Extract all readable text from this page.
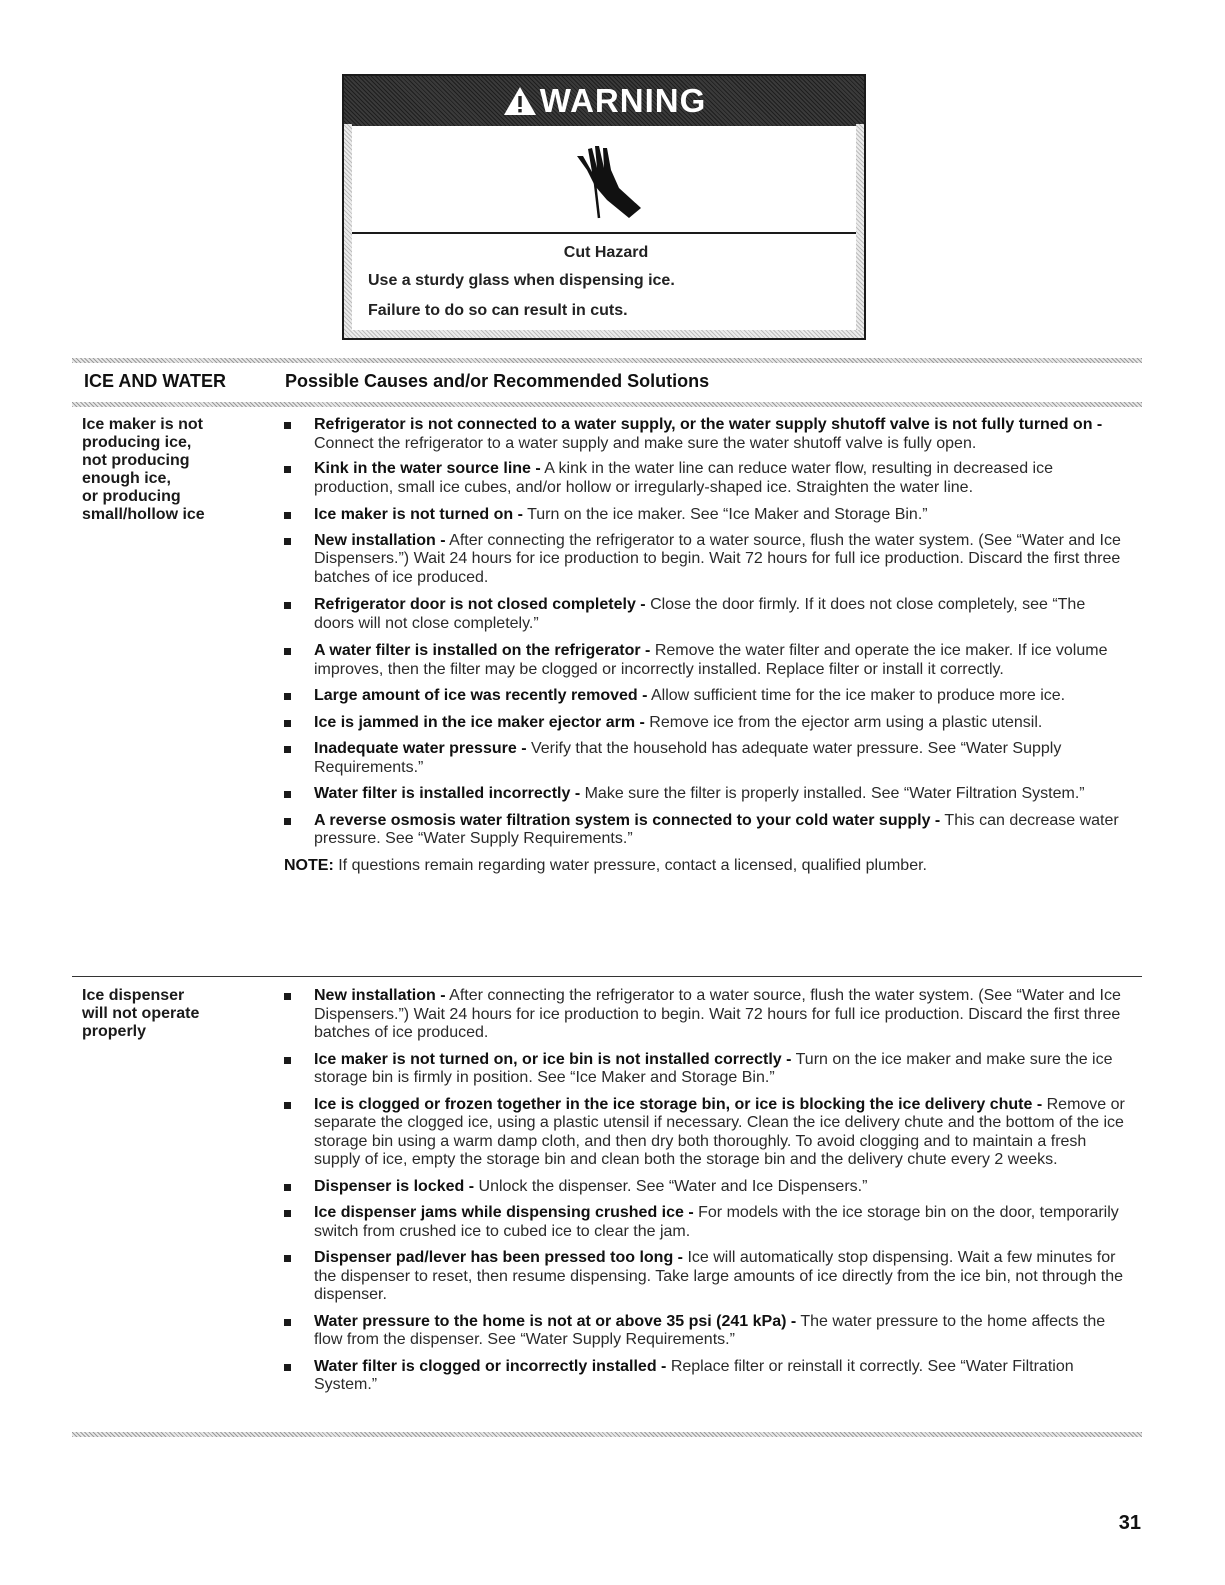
WARNING
Cut Hazard
Use a sturdy glass when dispensing ice.
Failure to do so can result in cuts.
ICE AND WATER	Possible Causes and/or Recommended Solutions
Ice maker is not
producing ice,
not producing
enough ice,
or producing
small/hollow ice
Refrigerator is not connected to a water supply, or the water supply shutoff valve is not fully turned on - Connect the refrigerator to a water supply and make sure the water shutoff valve is fully open.
Kink in the water source line - A kink in the water line can reduce water flow, resulting in decreased ice production, small ice cubes, and/or hollow or irregularly-shaped ice. Straighten the water line.
Ice maker is not turned on - Turn on the ice maker. See “Ice Maker and Storage Bin.”
New installation - After connecting the refrigerator to a water source, flush the water system. (See “Water and Ice Dispensers.”) Wait 24 hours for ice production to begin. Wait 72 hours for full ice production. Discard the first three batches of ice produced.
Refrigerator door is not closed completely - Close the door firmly. If it does not close completely, see “The doors will not close completely.”
A water filter is installed on the refrigerator - Remove the water filter and operate the ice maker. If ice volume improves, then the filter may be clogged or incorrectly installed. Replace filter or install it correctly.
Large amount of ice was recently removed - Allow sufficient time for the ice maker to produce more ice.
Ice is jammed in the ice maker ejector arm - Remove ice from the ejector arm using a plastic utensil.
Inadequate water pressure - Verify that the household has adequate water pressure. See “Water Supply Requirements.”
Water filter is installed incorrectly - Make sure the filter is properly installed. See “Water Filtration System.”
A reverse osmosis water filtration system is connected to your cold water supply - This can decrease water pressure. See “Water Supply Requirements.”
NOTE: If questions remain regarding water pressure, contact a licensed, qualified plumber.
Ice dispenser
will not operate
properly
New installation - After connecting the refrigerator to a water source, flush the water system. (See “Water and Ice Dispensers.”) Wait 24 hours for ice production to begin. Wait 72 hours for full ice production. Discard the first three batches of ice produced.
Ice maker is not turned on, or ice bin is not installed correctly - Turn on the ice maker and make sure the ice storage bin is firmly in position. See “Ice Maker and Storage Bin.”
Ice is clogged or frozen together in the ice storage bin, or ice is blocking the ice delivery chute - Remove or separate the clogged ice, using a plastic utensil if necessary. Clean the ice delivery chute and the bottom of the ice storage bin using a warm damp cloth, and then dry both thoroughly. To avoid clogging and to maintain a fresh supply of ice, empty the storage bin and clean both the storage bin and the delivery chute every 2 weeks.
Dispenser is locked - Unlock the dispenser. See “Water and Ice Dispensers.”
Ice dispenser jams while dispensing crushed ice - For models with the ice storage bin on the door, temporarily switch from crushed ice to cubed ice to clear the jam.
Dispenser pad/lever has been pressed too long - Ice will automatically stop dispensing. Wait a few minutes for the dispenser to reset, then resume dispensing. Take large amounts of ice directly from the ice bin, not through the dispenser.
Water pressure to the home is not at or above 35 psi (241 kPa) - The water pressure to the home affects the flow from the dispenser. See “Water Supply Requirements.”
Water filter is clogged or incorrectly installed - Replace filter or reinstall it correctly. See “Water Filtration System.”
31
